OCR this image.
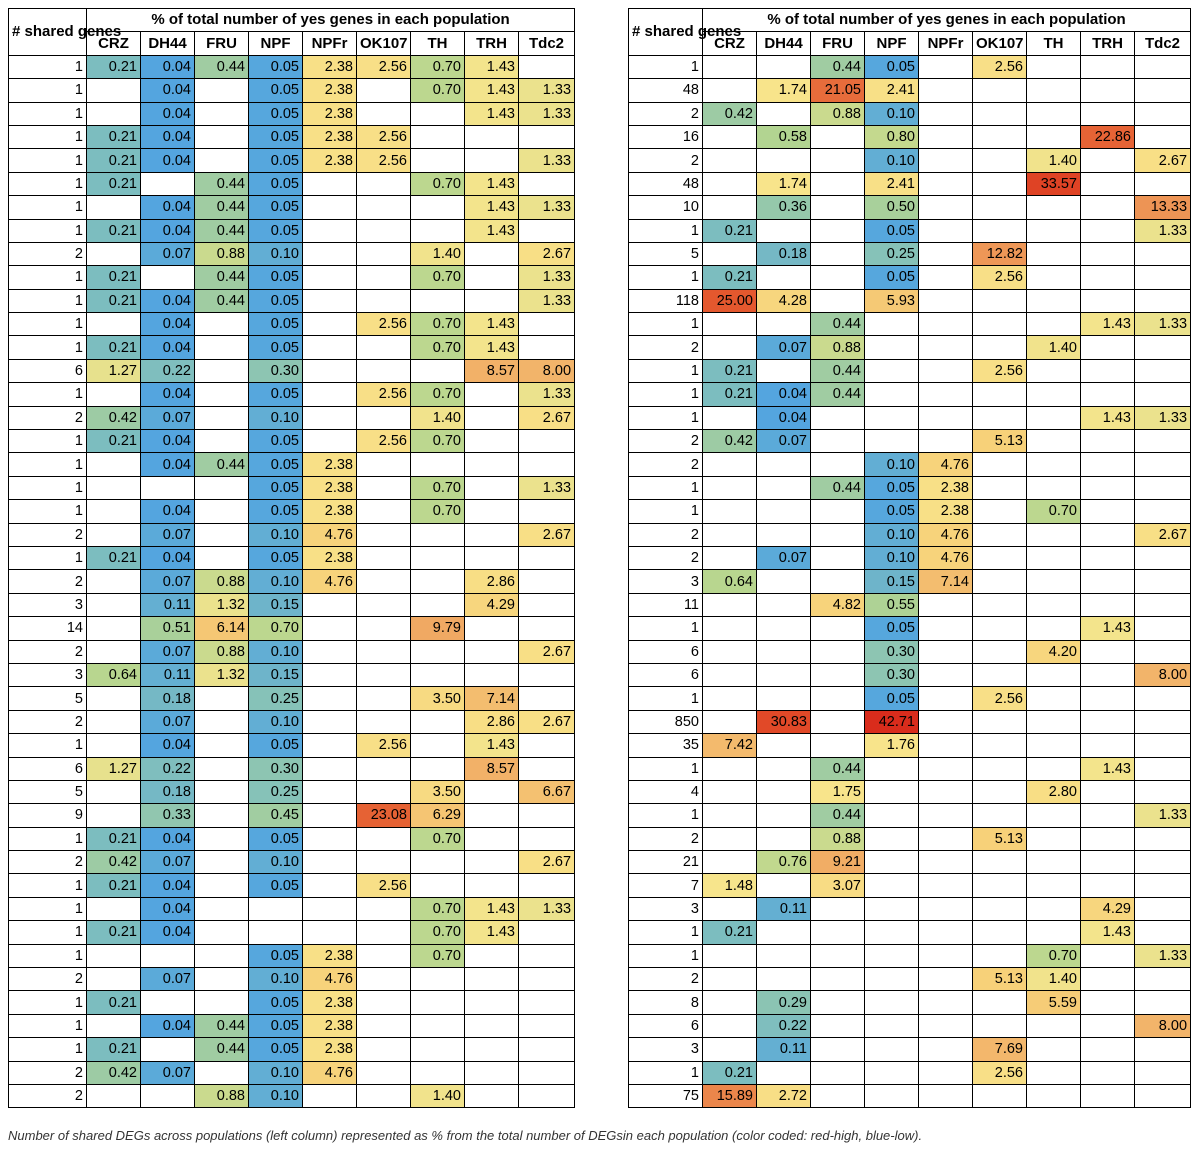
# shared genes	% of total number of yes genes in each population								
	CRZ	DH44	FRU	NPF	NPFr	OK107	TH	TRH	Tdc2
1	0.21	0.04	0.44	0.05	2.38	2.56	0.70	1.43	
1		0.04		0.05	2.38		0.70	1.43	1.33
1		0.04		0.05	2.38			1.43	1.33
1	0.21	0.04		0.05	2.38	2.56			
1	0.21	0.04		0.05	2.38	2.56			1.33
1	0.21		0.44	0.05			0.70	1.43	
1		0.04	0.44	0.05				1.43	1.33
1	0.21	0.04	0.44	0.05				1.43	
2		0.07	0.88	0.10			1.40		2.67
1	0.21		0.44	0.05			0.70		1.33
1	0.21	0.04	0.44	0.05					1.33
1		0.04		0.05		2.56	0.70	1.43	
1	0.21	0.04		0.05			0.70	1.43	
6	1.27	0.22		0.30				8.57	8.00
1		0.04		0.05		2.56	0.70		1.33
2	0.42	0.07		0.10			1.40		2.67
1	0.21	0.04		0.05		2.56	0.70		
1		0.04	0.44	0.05	2.38				
1				0.05	2.38		0.70		1.33
1		0.04		0.05	2.38		0.70		
2		0.07		0.10	4.76				2.67
1	0.21	0.04		0.05	2.38				
2		0.07	0.88	0.10	4.76			2.86	
3		0.11	1.32	0.15				4.29	
14		0.51	6.14	0.70			9.79		
2		0.07	0.88	0.10					2.67
3	0.64	0.11	1.32	0.15					
5		0.18		0.25			3.50	7.14	
2		0.07		0.10				2.86	2.67
1		0.04		0.05		2.56		1.43	
6	1.27	0.22		0.30				8.57	
5		0.18		0.25			3.50		6.67
9		0.33		0.45		23.08	6.29		
1	0.21	0.04		0.05			0.70		
2	0.42	0.07		0.10					2.67
1	0.21	0.04		0.05		2.56			
1		0.04					0.70	1.43	1.33
1	0.21	0.04					0.70	1.43	
1				0.05	2.38		0.70		
2		0.07		0.10	4.76				
1	0.21			0.05	2.38				
1		0.04	0.44	0.05	2.38				
1	0.21		0.44	0.05	2.38				
2	0.42	0.07		0.10	4.76				
2			0.88	0.10			1.40		
# shared genes	% of total number of yes genes in each population								
	CRZ	DH44	FRU	NPF	NPFr	OK107	TH	TRH	Tdc2
1			0.44	0.05		2.56			
48		1.74	21.05	2.41					
2	0.42		0.88	0.10					
16		0.58		0.80				22.86	
2				0.10			1.40		2.67
48		1.74		2.41			33.57		
10		0.36		0.50					13.33
1	0.21			0.05					1.33
5		0.18		0.25		12.82			
1	0.21			0.05		2.56			
118	25.00	4.28		5.93					
1			0.44					1.43	1.33
2		0.07	0.88				1.40		
1	0.21		0.44			2.56			
1	0.21	0.04	0.44						
1		0.04						1.43	1.33
2	0.42	0.07				5.13			
2				0.10	4.76				
1			0.44	0.05	2.38				
1				0.05	2.38		0.70		
2				0.10	4.76				2.67
2		0.07		0.10	4.76				
3	0.64			0.15	7.14				
11			4.82	0.55					
1				0.05				1.43	
6				0.30			4.20		
6				0.30					8.00
1				0.05		2.56			
850		30.83		42.71					
35	7.42			1.76					
1			0.44					1.43	
4			1.75				2.80		
1			0.44						1.33
2			0.88			5.13			
21		0.76	9.21						
7	1.48		3.07						
3		0.11						4.29	
1	0.21							1.43	
1							0.70		1.33
2						5.13	1.40		
8		0.29					5.59		
6		0.22							8.00
3		0.11				7.69			
1	0.21					2.56			
75	15.89	2.72							
Number of shared DEGs across populations (left column) represented as % from the total number of DEGsin each population (color coded: red-high, blue-low).
